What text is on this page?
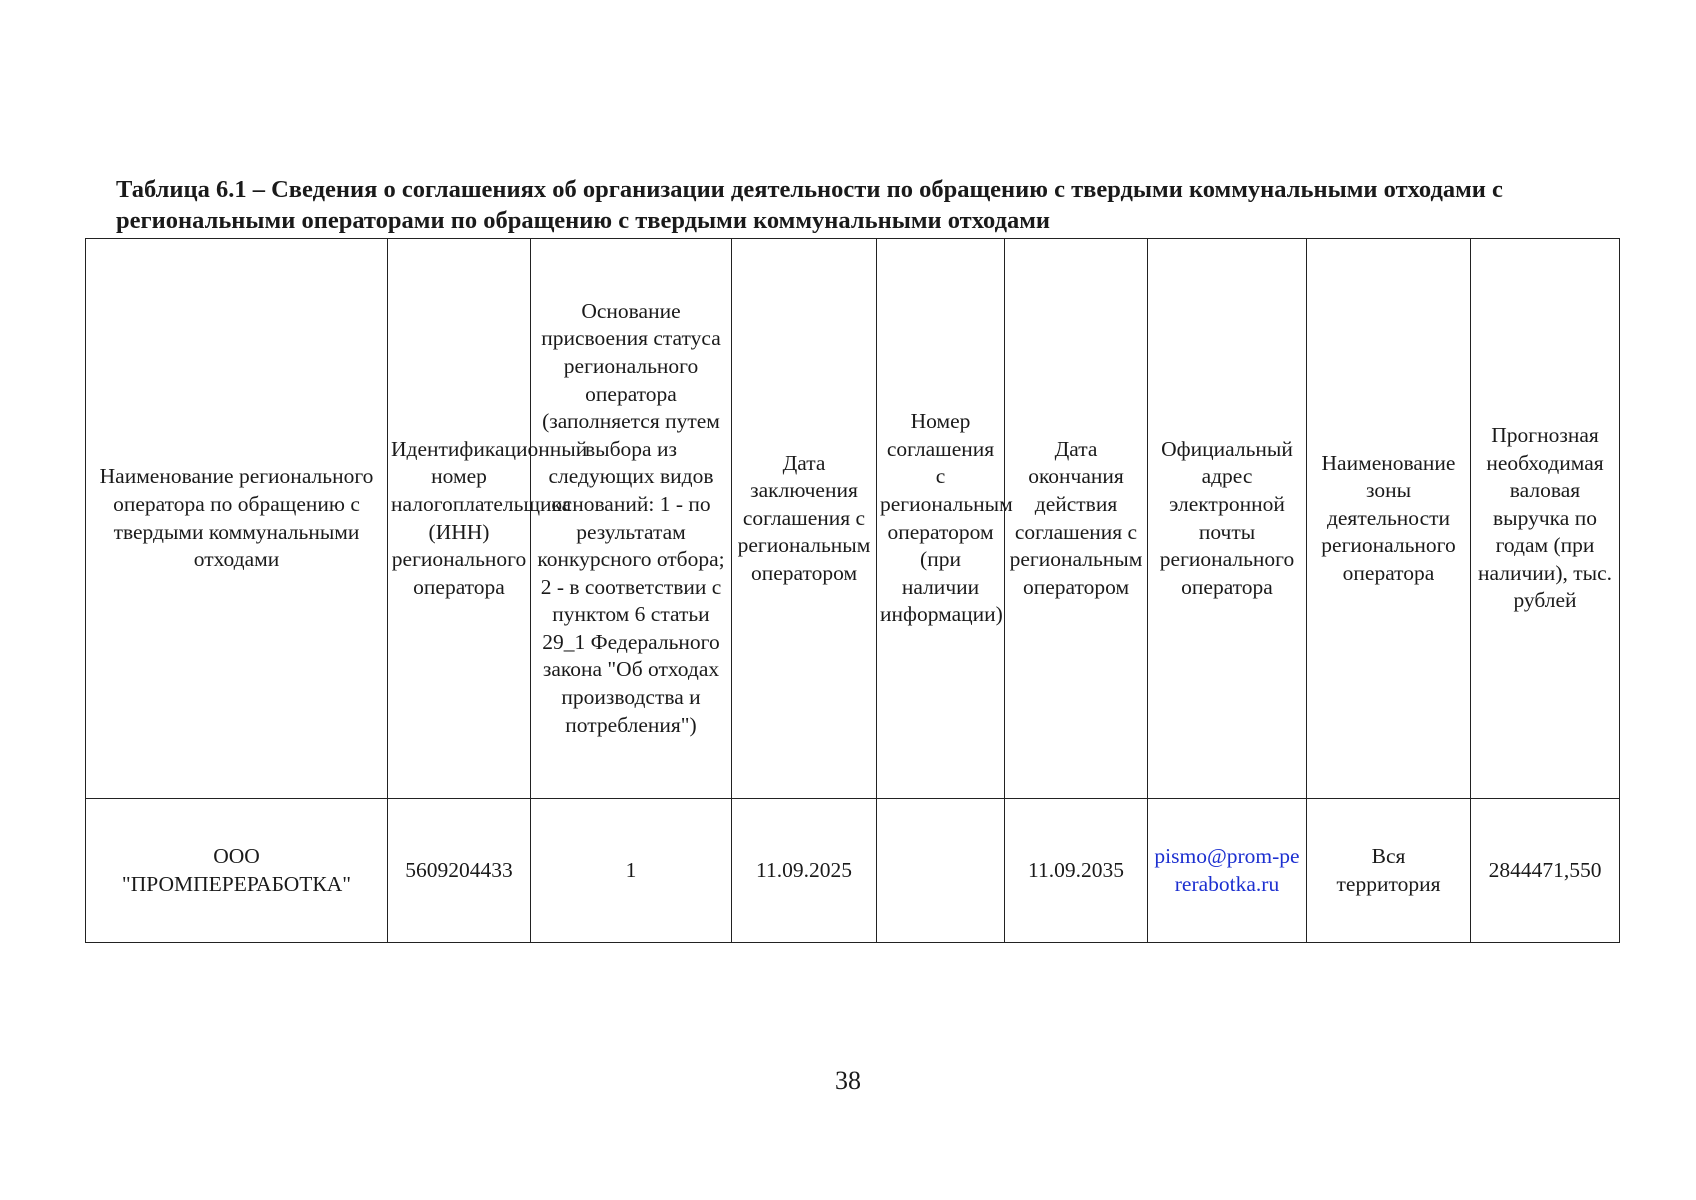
Таблица 6.1 – Сведения о соглашениях об организации деятельности по обращению с твердыми коммунальными отходами с региональными операторами по обращению с твердыми коммунальными отходами
Наименование регионального оператора по обращению с твердыми коммунальными отходами	Идентификационный номер налогоплательщика (ИНН) регионального оператора	Основание присвоения статуса регионального оператора (заполняется путем выбора из следующих видов оснований: 1 - по результатам конкурсного отбора; 2 - в соответствии с пунктом 6 статьи 29_1 Федерального закона "Об отходах производства и потребления")	Дата заключения соглашения с региональным оператором	Номер соглашения с региональным оператором (при наличии информации)	Дата окончания действия соглашения с региональным оператором	Официальный адрес электронной почты регионального оператора	Наименование зоны деятельности регионального оператора	Прогнозная необходимая валовая выручка по годам (при наличии), тыс. рублей
ООО "ПРОМПЕРЕРАБОТКА"	5609204433	1	11.09.2025		11.09.2035	pismo@prom-pererabotka.ru	Вся территория	2844471,550
38
